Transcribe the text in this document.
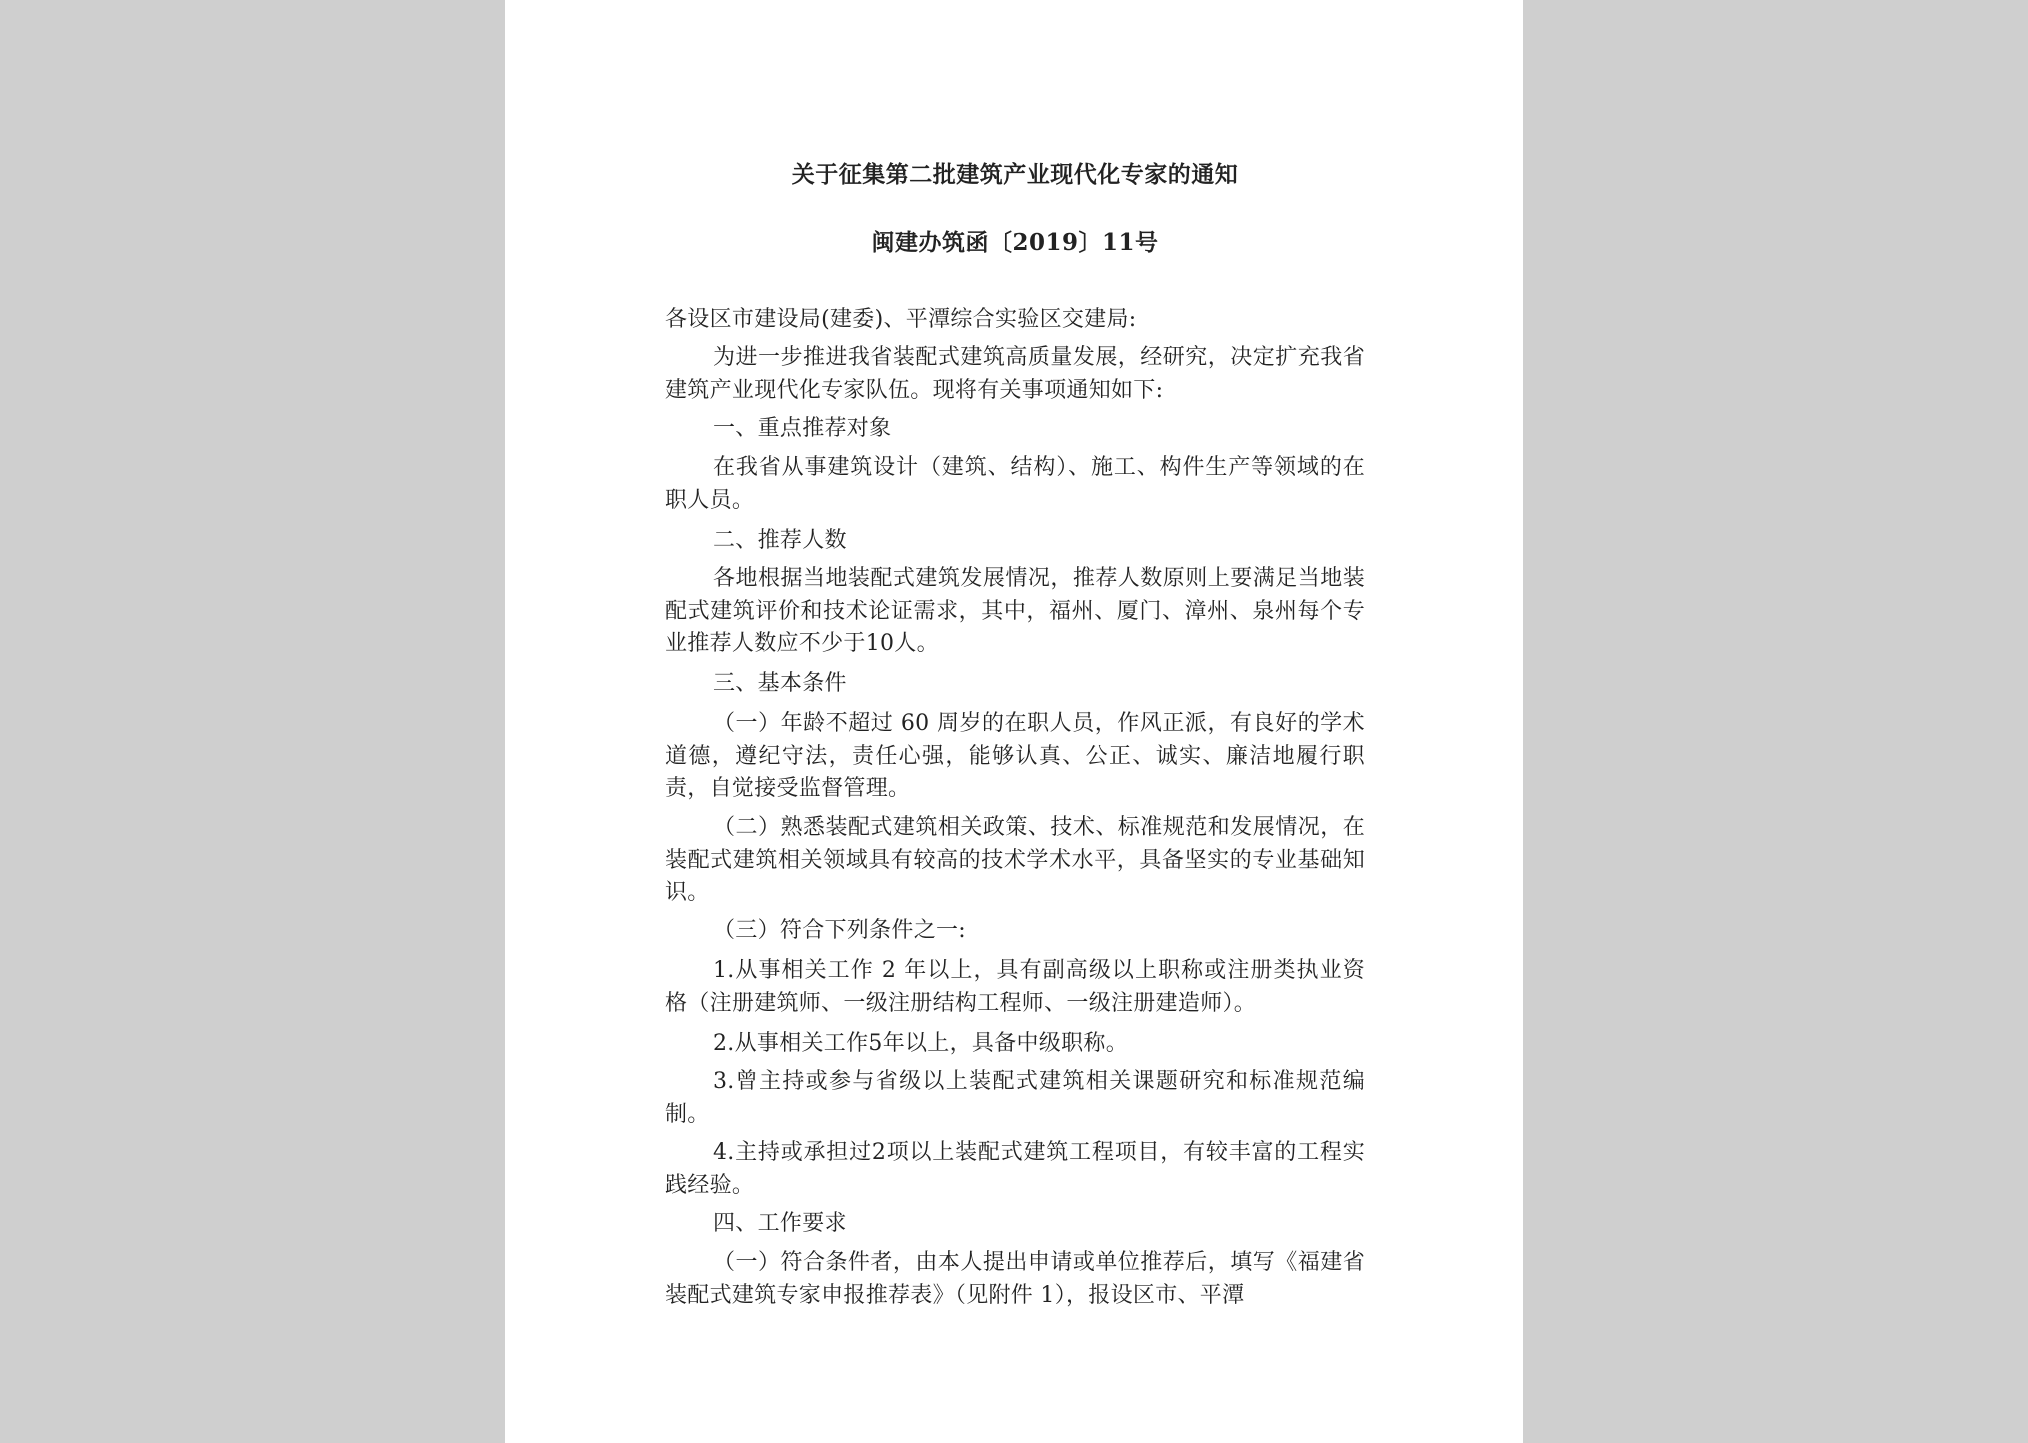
关于征集第二批建筑产业现代化专家的通知
闽建办筑函〔2019〕11号

各设区市建设局(建委)、平潭综合实验区交建局:

为进一步推进我省装配式建筑高质量发展，经研究，决定扩充我省建筑产业现代化专家队伍。现将有关事项通知如下:

一、重点推荐对象

在我省从事建筑设计（建筑、结构）、施工、构件生产等领域的在职人员。

二、推荐人数

各地根据当地装配式建筑发展情况，推荐人数原则上要满足当地装配式建筑评价和技术论证需求，其中，福州、厦门、漳州、泉州每个专业推荐人数应不少于10人。

三、基本条件

（一）年龄不超过 60 周岁的在职人员，作风正派，有良好的学术道德，遵纪守法，责任心强，能够认真、公正、诚实、廉洁地履行职责，自觉接受监督管理。

（二）熟悉装配式建筑相关政策、技术、标准规范和发展情况，在装配式建筑相关领域具有较高的技术学术水平，具备坚实的专业基础知识。

（三）符合下列条件之一:

1.从事相关工作 2 年以上，具有副高级以上职称或注册类执业资格（注册建筑师、一级注册结构工程师、一级注册建造师）。

2.从事相关工作5年以上，具备中级职称。

3.曾主持或参与省级以上装配式建筑相关课题研究和标准规范编制。

4.主持或承担过2项以上装配式建筑工程项目，有较丰富的工程实践经验。

四、工作要求

（一）符合条件者，由本人提出申请或单位推荐后，填写《福建省装配式建筑专家申报推荐表》（见附件 1），报设区市、平潭
